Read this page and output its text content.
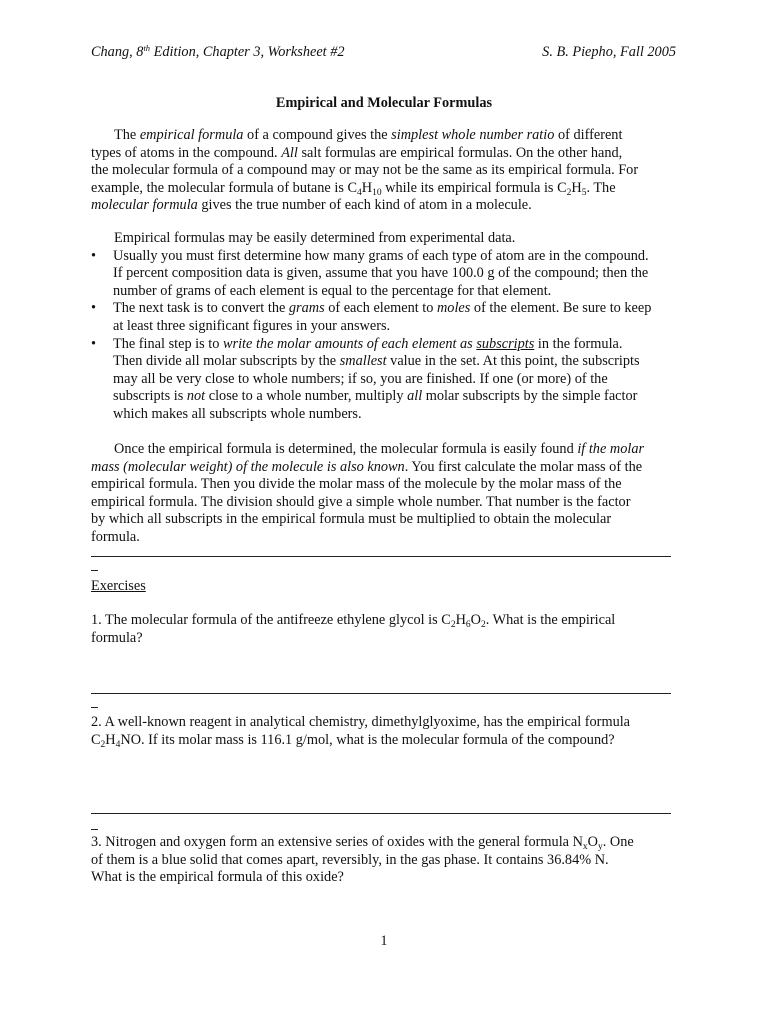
Chang, 8th Edition, Chapter 3, Worksheet #2	S. B. Piepho, Fall 2005
Empirical and Molecular Formulas
The empirical formula of a compound gives the simplest whole number ratio of different
types of atoms in the compound. All salt formulas are empirical formulas. On the other hand,
the molecular formula of a compound may or may not be the same as its empirical formula. For
example, the molecular formula of butane is $C_4H_{10}$ while its empirical formula is $C_2H_5$. The
molecular formula gives the true number of each kind of atom in a molecule.
Empirical formulas may be easily determined from experimental data.
• Usually you must first determine how many grams of each type of atom are in the compound.
If percent composition data is given, assume that you have 100.0 g of the compound; then the
number of grams of each element is equal to the percentage for that element.
• The next task is to convert the grams of each element to moles of the element. Be sure to keep
at least three significant figures in your answers.
• The final step is to write the molar amounts of each element as subscripts in the formula.
Then divide all molar subscripts by the smallest value in the set. At this point, the subscripts
may all be very close to whole numbers; if so, you are finished. If one (or more) of the
subscripts is not close to a whole number, multiply all molar subscripts by the simple factor
which makes all subscripts whole numbers.
Once the empirical formula is determined, the molecular formula is easily found if the molar
mass (molecular weight) of the molecule is also known. You first calculate the molar mass of the
empirical formula. Then you divide the molar mass of the molecule by the molar mass of the
empirical formula. The division should give a simple whole number. That number is the factor
by which all subscripts in the empirical formula must be multiplied to obtain the molecular
formula.
Exercises
1. The molecular formula of the antifreeze ethylene glycol is $C_2H_6O_2$. What is the empirical
formula?
2. A well-known reagent in analytical chemistry, dimethylglyoxime, has the empirical formula
$C_2H_4NO$. If its molar mass is 116.1 g/mol, what is the molecular formula of the compound?
3. Nitrogen and oxygen form an extensive series of oxides with the general formula $N_xO_y$. One
of them is a blue solid that comes apart, reversibly, in the gas phase. It contains 36.84% N.
What is the empirical formula of this oxide?
1
